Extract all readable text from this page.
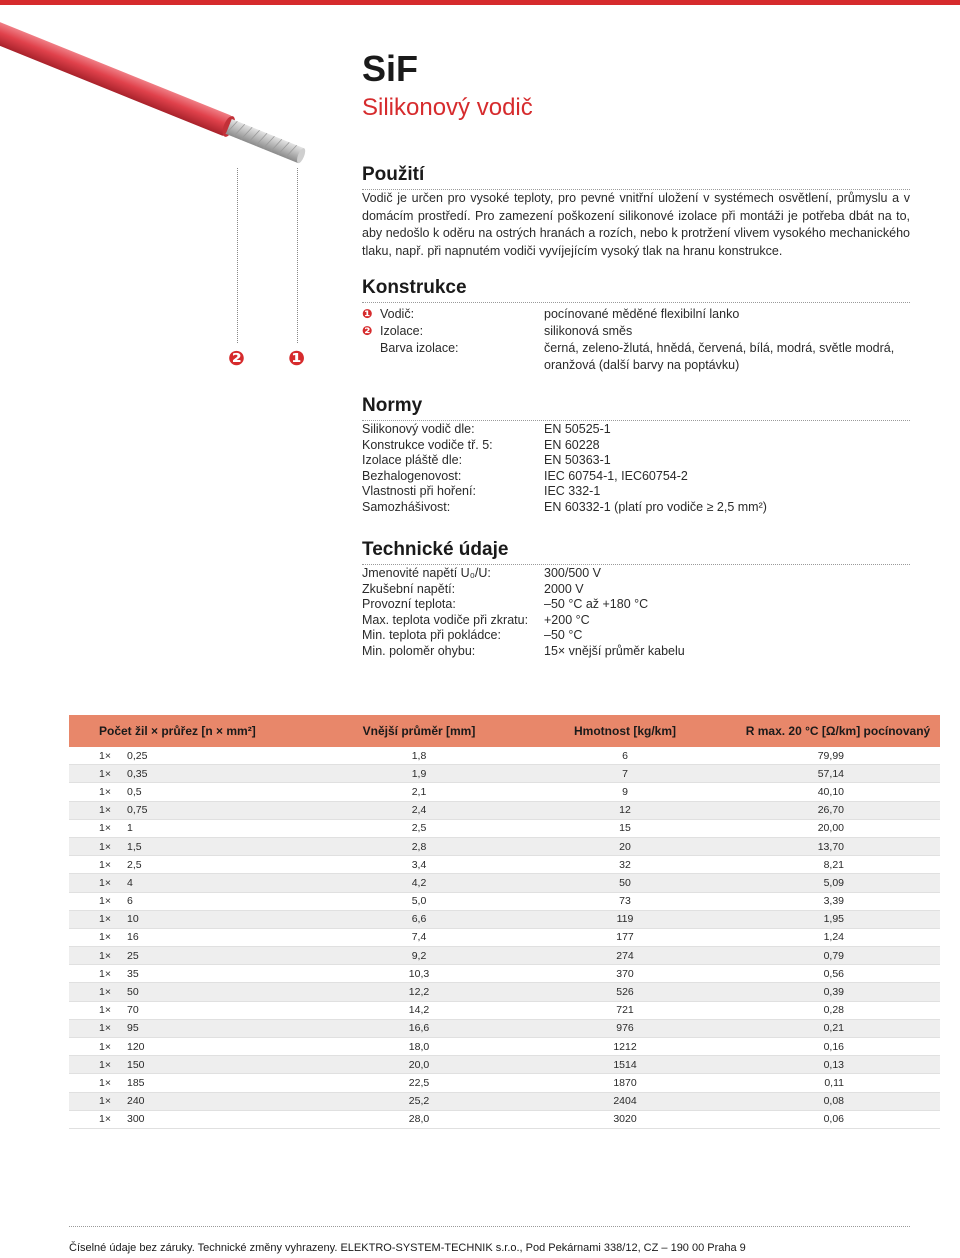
❷ ❶
SiF
Silikonový vodič
Použití

Vodič je určen pro vysoké teploty, pro pevné vnitřní uložení v systémech osvětlení, průmyslu a v domácím prostředí. Pro zamezení poškození silikonové izolace při montáži je potřeba dbát na to, aby nedošlo k oděru na ostrých hranách a rozích, nebo k protržení vlivem vysokého mechanického tlaku, např. při napnutém vodiči vyvíjejícím vysoký tlak na hranu konstrukce.

Konstrukce
❶ Vodič:	pocínované měděné flexibilní lanko
❷ Izolace:	silikonová směs
Barva izolace:	černá, zeleno-žlutá, hnědá, červená, bílá, modrá, světle modrá, oranžová (další barvy na poptávku)
Normy
Silikonový vodič dle:	EN 50525-1
Konstrukce vodiče tř. 5:	EN 60228
Izolace pláště dle:	EN 50363-1
Bezhalogenovost:	IEC 60754-1, IEC60754-2
Vlastnosti při hoření:	IEC 332-1
Samozhášivost:	EN 60332-1 (platí pro vodiče ≥ 2,5 mm²)
Technické údaje
Jmenovité napětí U₀/U:	300/500 V
Zkušební napětí:	2000 V
Provozní teplota:	–50 °C až +180 °C
Max. teplota vodiče při zkratu: +200 °C
Min. teplota při pokládce:	–50 °C
Min. poloměr ohybu:	15× vnější průměr kabelu
Počet žil × průřez [n × mm²]	Vnější průměr [mm]	Hmotnost [kg/km]	R max. 20 °C [Ω/km] pocínovaný
1× 0,25	1,8	6	79,99
1× 0,35	1,9	7	57,14
1× 0,5	2,1	9	40,10
1× 0,75	2,4	12	26,70
1× 1	2,5	15	20,00
1× 1,5	2,8	20	13,70
1× 2,5	3,4	32	8,21
1× 4	4,2	50	5,09
1× 6	5,0	73	3,39
1× 10	6,6	119	1,95
1× 16	7,4	177	1,24
1× 25	9,2	274	0,79
1× 35	10,3	370	0,56
1× 50	12,2	526	0,39
1× 70	14,2	721	0,28
1× 95	16,6	976	0,21
1× 120	18,0	1212	0,16
1× 150	20,0	1514	0,13
1× 185	22,5	1870	0,11
1× 240	25,2	2404	0,08
1× 300	28,0	3020	0,06
Číselné údaje bez záruky. Technické změny vyhrazeny. ELEKTRO-SYSTEM-TECHNIK s.r.o., Pod Pekárnami 338/12, CZ – 190 00 Praha 9
